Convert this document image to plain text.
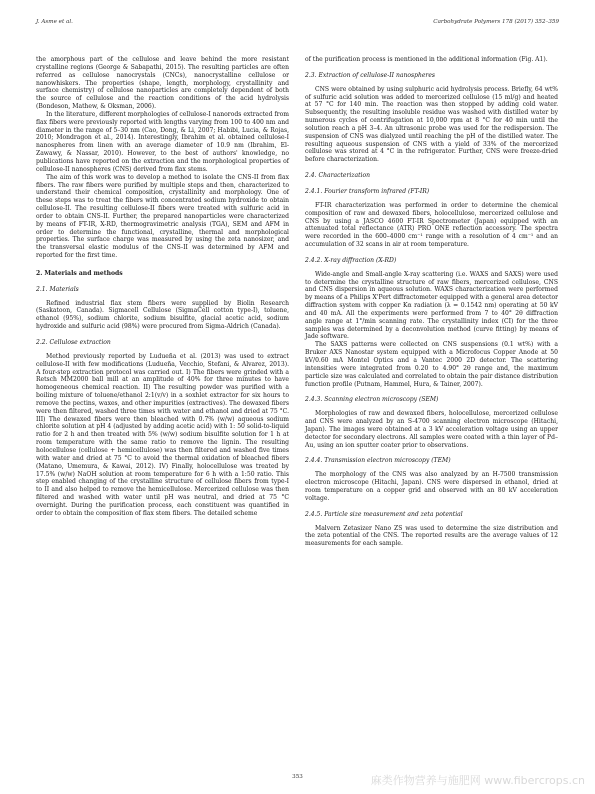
J. Asme et al.	Carbohydrate Polymers 178 (2017) 352–359

the amorphous part of the cellulose and leave behind the more resistant crystalline regions (George & Sabapathi, 2015). The resulting particles are often referred as cellulose nanocrystals (CNCs), nanocrystalline cellulose or nanowhiskers. The properties (shape, length, morphology, crystallinity and surface chemistry) of cellulose nanoparticles are completely dependent of both the source of cellulose and the reaction conditions of the acid hydrolysis (Bondeson, Mathew, & Oksman, 2006).

In the literature, different morphologies of cellulose-I nanorods extracted from flax fibers were previously reported with lengths varying from 100 to 400 nm and diameter in the range of 5–30 nm (Cao, Dong, & Li, 2007; Habibi, Lucia, & Rojas, 2010; Mondragon et al., 2014). Interestingly, Ibrahim et al. obtained cellulose-I nanospheres from linen with an average diameter of 10.9 nm (Ibrahim, El-Zawawy, & Nassar, 2010). However, to the best of authors' knowledge, no publications have reported on the extraction and the morphological properties of cellulose-II nanospheres (CNS) derived from flax stems.

The aim of this work was to develop a method to isolate the CNS-II from flax fibers. The raw fibers were purified by multiple steps and then, characterized to understand their chemical composition, crystallinity and morphology. One of these steps was to treat the fibers with concentrated sodium hydroxide to obtain cellulose-II. The resulting cellulose-II fibers were treated with sulfuric acid in order to obtain CNS-II. Further, the prepared nanoparticles were characterized by means of FT-IR, X-RD, thermogravimetric analysis (TGA), SEM and AFM in order to determine the functional, crystalline, thermal and morphological properties. The surface charge was measured by using the zeta nanosizer, and the transversal elastic modulus of the CNS-II was determined by AFM and reported for the first time.

2. Materials and methods
2.1. Materials

Refined industrial flax stem fibers were supplied by Biolin Research (Saskatoon, Canada). Sigmacell Cellulose (SigmaCell cotton type-I), toluene, ethanol (95%), sodium chlorite, sodium bisulfite, glacial acetic acid, sodium hydroxide and sulfuric acid (98%) were procured from Sigma-Aldrich (Canada).

2.2. Cellulose extraction

Method previously reported by Ludueña et al. (2013) was used to extract cellulose-II with few modifications (Ludueña, Vecchio, Stefani, & Alvarez, 2013). A four-step extraction protocol was carried out. I) The fibers were grinded with a Retsch MM2000 ball mill at an amplitude of 40% for three minutes to have homogeneous chemical reaction. II) The resulting powder was purified with a boiling mixture of toluene/ethanol 2:1(v/v) in a soxhlet extractor for six hours to remove the pectins, waxes, and other impurities (extractives). The dewaxed fibers were then filtered, washed three times with water and ethanol and dried at 75 °C. III) The dewaxed fibers were then bleached with 0.7% (w/w) aqueous sodium chlorite solution at pH 4 (adjusted by adding acetic acid) with 1: 50 solid-to-liquid ratio for 2 h and then treated with 5% (w/w) sodium bisulfite solution for 1 h at room temperature with the same ratio to remove the lignin. The resulting holocellulose (cellulose + hemicellulose) was then filtered and washed five times with water and dried at 75 °C to avoid the thermal oxidation of bleached fibers (Matano, Umemura, & Kawai, 2012). IV) Finally, holocellulose was treated by 17.5% (w/w) NaOH solution at room temperature for 6 h with a 1:50 ratio. This step enabled changing of the crystalline structure of cellulose fibers from type-I to II and also helped to remove the hemicellulose. Mercerized cellulose was then filtered and washed with water until pH was neutral, and dried at 75 °C overnight. During the purification process, each constituent was quantified in order to obtain the composition of flax stem fibers. The detailed scheme

of the purification process is mentioned in the additional information (Fig. A1).

2.3. Extraction of cellulose-II nanospheres

CNS were obtained by using sulphuric acid hydrolysis process. Briefly, 64 wt% of sulfuric acid solution was added to mercerized cellulose (15 ml/g) and heated at 57 °C for 140 min. The reaction was then stopped by adding cold water. Subsequently, the resulting insoluble residue was washed with distilled water by numerous cycles of centrifugation at 10,000 rpm at 8 °C for 40 min until the solution reach a pH 3–4. An ultrasonic probe was used for the redispersion. The suspension of CNS was dialyzed until reaching the pH of the distilled water. The resulting aqueous suspension of CNS with a yield of 33% of the mercerized cellulose was stored at 4 °C in the refrigerator. Further, CNS were freeze-dried before characterization.

2.4. Characterization
2.4.1. Fourier transform infrared (FT-IR)

FT-IR characterization was performed in order to determine the chemical composition of raw and dewaxed fibers, holocellulose, mercerized cellulose and CNS by using a JASCO 4600 FT-IR Spectrometer (Japan) equipped with an attenuated total reflectance (ATR) PRO ONE reflection accessory. The spectra were recorded in the 600–4000 cm⁻¹ range with a resolution of 4 cm⁻¹ and an accumulation of 32 scans in air at room temperature.

2.4.2. X-ray diffraction (X-RD)

Wide-angle and Small-angle X-ray scattering (i.e. WAXS and SAXS) were used to determine the crystalline structure of raw fibers, mercerized cellulose, CNS and CNS dispersion in aqueous solution. WAXS characterization were performed by means of a Philips X'Pert diffractometer equipped with a general area detector diffraction system with copper Kα radiation (λ = 0.1542 nm) operating at 50 kV and 40 mA. All the experiments were performed from 7 to 40° 2θ diffraction angle range at 1°/min scanning rate. The crystallinity index (CI) for the three samples was determined by a deconvolution method (curve fitting) by means of Jade software.

The SAXS patterns were collected on CNS suspensions (0.1 wt%) with a Bruker AXS Nanostar system equipped with a Microfocus Copper Anode at 50 kV/0.60 mA Montel Optics and a Vantec 2000 2D detector. The scattering intensities were integrated from 0.20 to 4.90° 2θ range and, the maximum particle size was calculated and correlated to obtain the pair distance distribution function profile (Putnam, Hammel, Hura, & Tainer, 2007).

2.4.3. Scanning electron microscopy (SEM)

Morphologies of raw and dewaxed fibers, holocellulose, mercerized cellulose and CNS were analyzed by an S-4700 scanning electron microscope (Hitachi, Japan). The images were obtained at a 3 kV acceleration voltage using an upper detector for secondary electrons. All samples were coated with a thin layer of Pd–Au, using an ion sputter coater prior to observations.

2.4.4. Transmission electron microscopy (TEM)

The morphology of the CNS was also analyzed by an H-7500 transmission electron microscope (Hitachi, Japan). CNS were dispersed in ethanol, dried at room temperature on a copper grid and observed with an 80 kV acceleration voltage.

2.4.5. Particle size measurement and zeta potential

Malvern Zetasizer Nano ZS was used to determine the size distribution and the zeta potential of the CNS. The reported results are the average values of 12 measurements for each sample.

353	麻类作物营养与施肥网 www.fibercrops.cn
